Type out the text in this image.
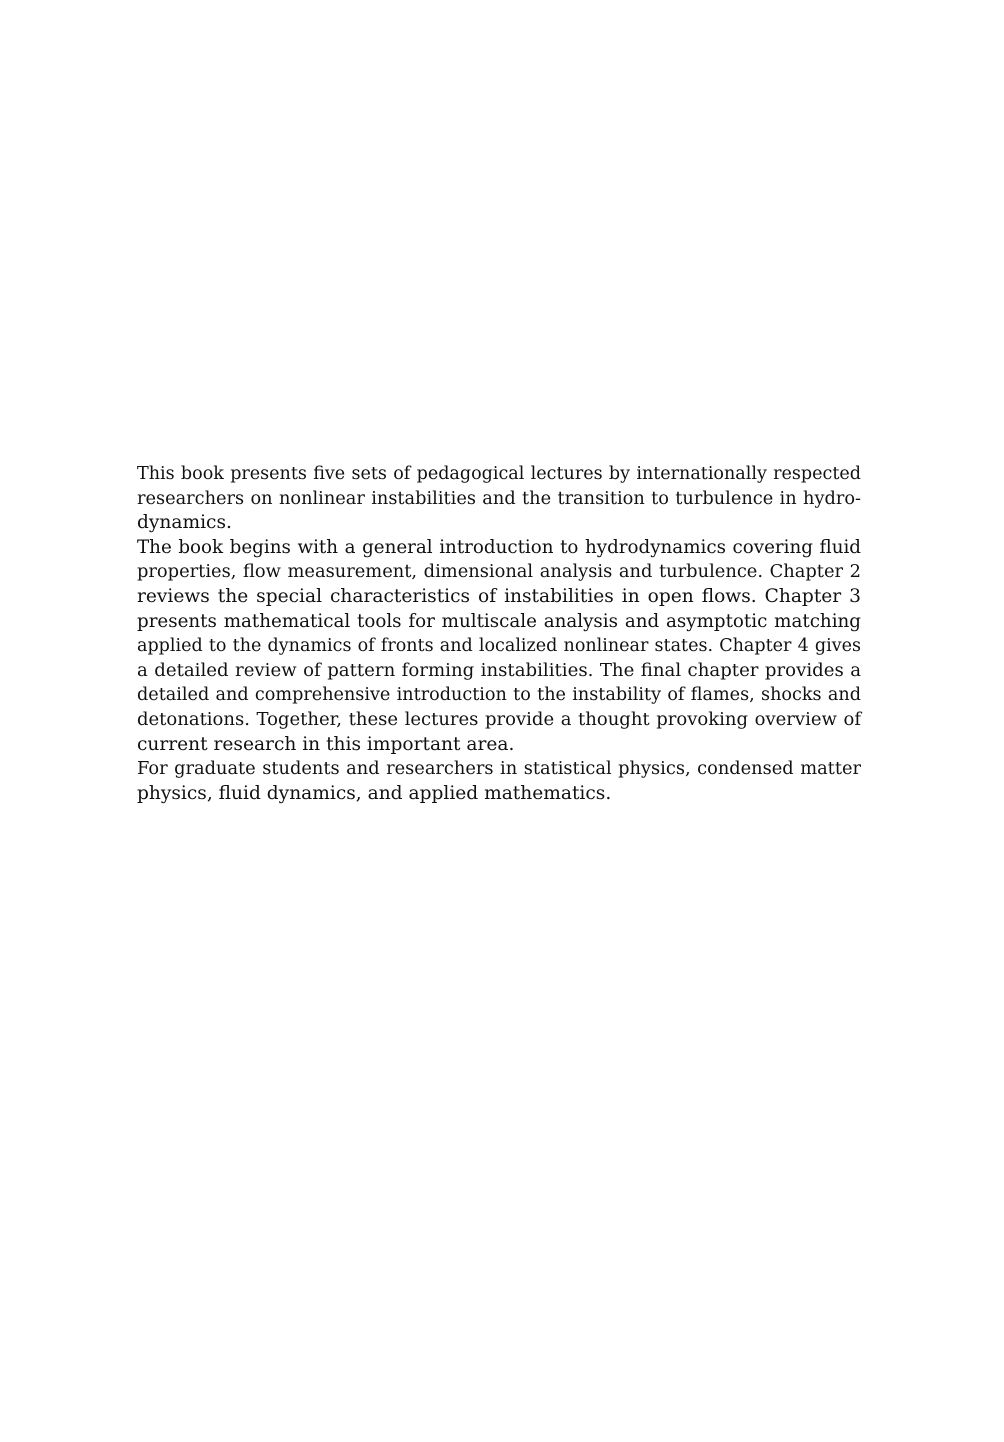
This book presents five sets of pedagogical lectures by internationally respected
researchers on nonlinear instabilities and the transition to turbulence in hydro-
dynamics.
The book begins with a general introduction to hydrodynamics covering fluid
properties, flow measurement, dimensional analysis and turbulence. Chapter 2
reviews the special characteristics of instabilities in open flows. Chapter 3
presents mathematical tools for multiscale analysis and asymptotic matching
applied to the dynamics of fronts and localized nonlinear states. Chapter 4 gives
a detailed review of pattern forming instabilities. The final chapter provides a
detailed and comprehensive introduction to the instability of flames, shocks and
detonations. Together, these lectures provide a thought provoking overview of
current research in this important area.
For graduate students and researchers in statistical physics, condensed matter
physics, fluid dynamics, and applied mathematics.
